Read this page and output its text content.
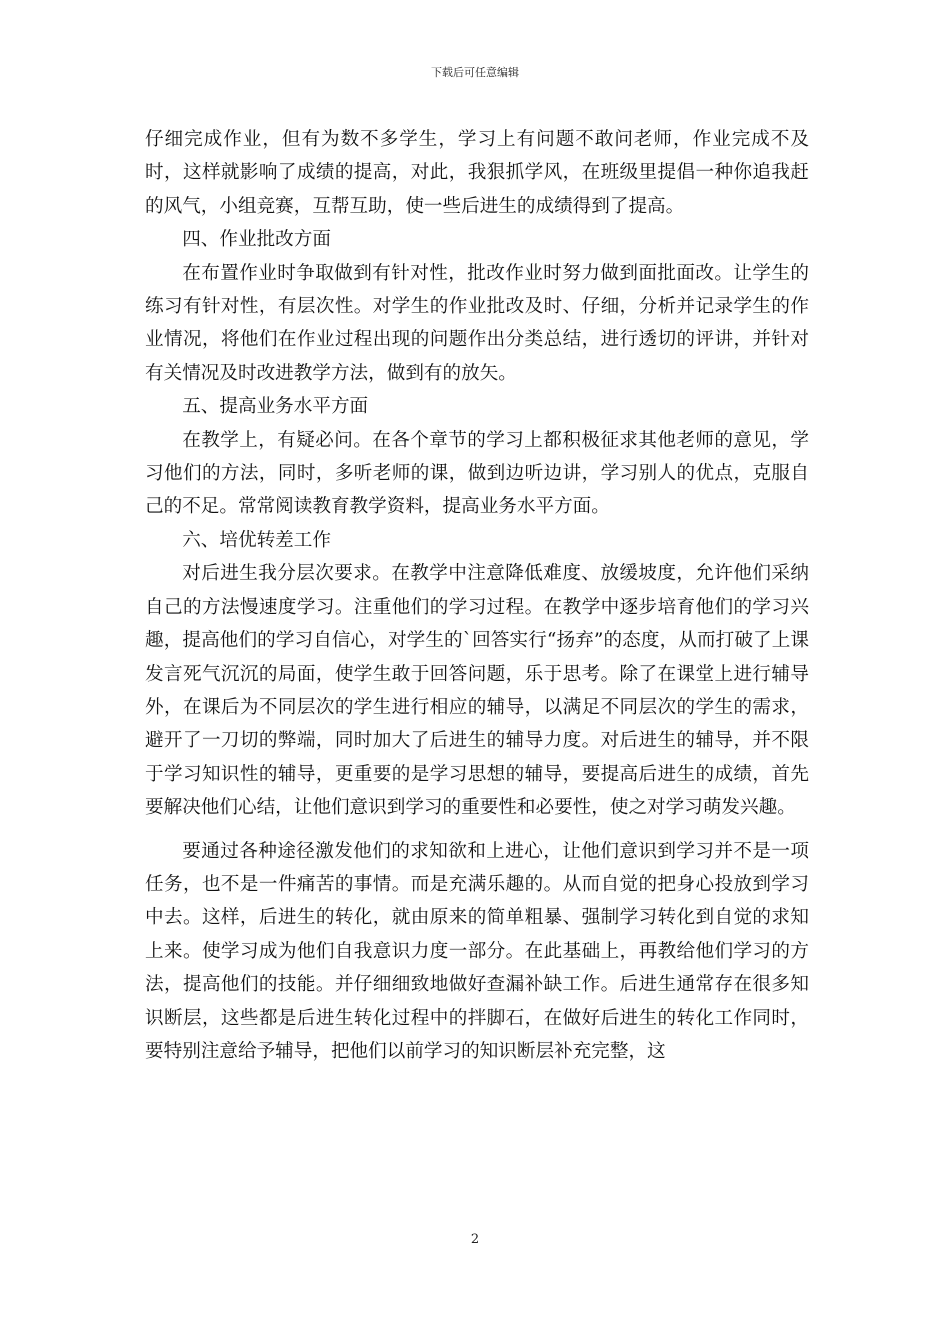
下载后可任意编辑

仔细完成作业，但有为数不多学生，学习上有问题不敢问老师，作业完成不及时，这样就影响了成绩的提高，对此，我狠抓学风，在班级里提倡一种你追我赶的风气，小组竞赛，互帮互助，使一些后进生的成绩得到了提高。

四、作业批改方面

在布置作业时争取做到有针对性，批改作业时努力做到面批面改。让学生的练习有针对性，有层次性。对学生的作业批改及时、仔细，分析并记录学生的作业情况，将他们在作业过程出现的问题作出分类总结，进行透切的评讲，并针对有关情况及时改进教学方法，做到有的放矢。

五、提高业务水平方面

在教学上，有疑必问。在各个章节的学习上都积极征求其他老师的意见，学习他们的方法，同时，多听老师的课，做到边听边讲，学习别人的优点，克服自己的不足。常常阅读教育教学资料，提高业务水平方面。

六、培优转差工作

对后进生我分层次要求。在教学中注意降低难度、放缓坡度，允许他们采纳自己的方法慢速度学习。注重他们的学习过程。在教学中逐步培育他们的学习兴趣，提高他们的学习自信心，对学生的`回答实行“扬弃”的态度，从而打破了上课发言死气沉沉的局面，使学生敢于回答问题，乐于思考。除了在课堂上进行辅导外，在课后为不同层次的学生进行相应的辅导，以满足不同层次的学生的需求，避开了一刀切的弊端，同时加大了后进生的辅导力度。对后进生的辅导，并不限于学习知识性的辅导，更重要的是学习思想的辅导，要提高后进生的成绩，首先要解决他们心结，让他们意识到学习的重要性和必要性，使之对学习萌发兴趣。

要通过各种途径激发他们的求知欲和上进心，让他们意识到学习并不是一项任务，也不是一件痛苦的事情。而是充满乐趣的。从而自觉的把身心投放到学习中去。这样，后进生的转化，就由原来的简单粗暴、强制学习转化到自觉的求知上来。使学习成为他们自我意识力度一部分。在此基础上，再教给他们学习的方法，提高他们的技能。并仔细细致地做好查漏补缺工作。后进生通常存在很多知识断层，这些都是后进生转化过程中的拌脚石，在做好后进生的转化工作同时，要特别注意给予辅导，把他们以前学习的知识断层补充完整，这

2
